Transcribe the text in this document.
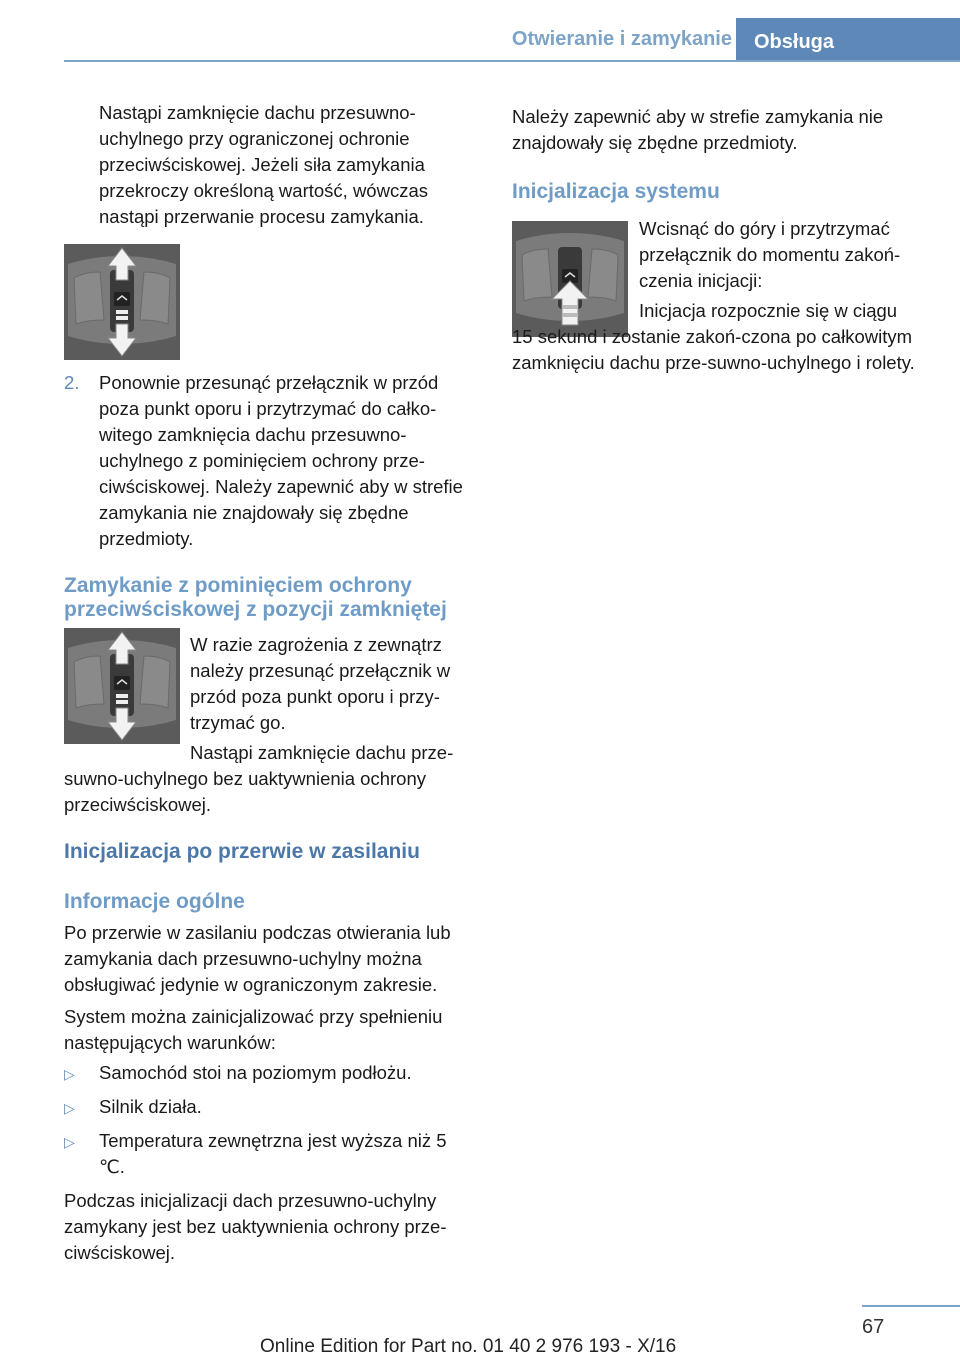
Otwieranie i zamykanie	Obsługa

Nastąpi zamknięcie dachu przesuwno-uchylnego przy ograniczonej ochronie przeciwściskowej. Jeżeli siła zamykania przekroczy określoną wartość, wówczas nastąpi przerwanie procesu zamykania.

2. Ponownie przesunąć przełącznik w przód poza punkt oporu i przytrzymać do całko-witego zamknięcia dachu przesuwno-uchylnego z pominięciem ochrony prze-ciwściskowej. Należy zapewnić aby w strefie zamykania nie znajdowały się zbędne przedmioty.

Zamykanie z pominięciem ochrony przeciwściskowej z pozycji zamkniętej

W razie zagrożenia z zewnątrz należy przesunąć przełącznik w przód poza punkt oporu i przy-trzymać go.

Nastąpi zamknięcie dachu prze-suwno-uchylnego bez uaktywnienia ochrony przeciwściskowej.

Inicjalizacja po przerwie w zasilaniu
Informacje ogólne

Po przerwie w zasilaniu podczas otwierania lub zamykania dach przesuwno-uchylny można obsługiwać jedynie w ograniczonym zakresie.

System można zainicjalizować przy spełnieniu następujących warunków:

▷ Samochód stoi na poziomym podłożu.

▷ Silnik działa.

▷ Temperatura zewnętrzna jest wyższa niż 5 ℃.

Podczas inicjalizacji dach przesuwno-uchylny zamykany jest bez uaktywnienia ochrony prze-ciwściskowej.

Należy zapewnić aby w strefie zamykania nie znajdowały się zbędne przedmioty.

Inicjalizacja systemu

Wcisnąć do góry i przytrzymać przełącznik do momentu zakoń-czenia inicjacji:

Inicjacja rozpocznie się w ciągu 15 sekund i zostanie zakoń-czona po całkowitym zamknięciu dachu prze-suwno-uchylnego i rolety.

67
Online Edition for Part no. 01 40 2 976 193 - X/16
